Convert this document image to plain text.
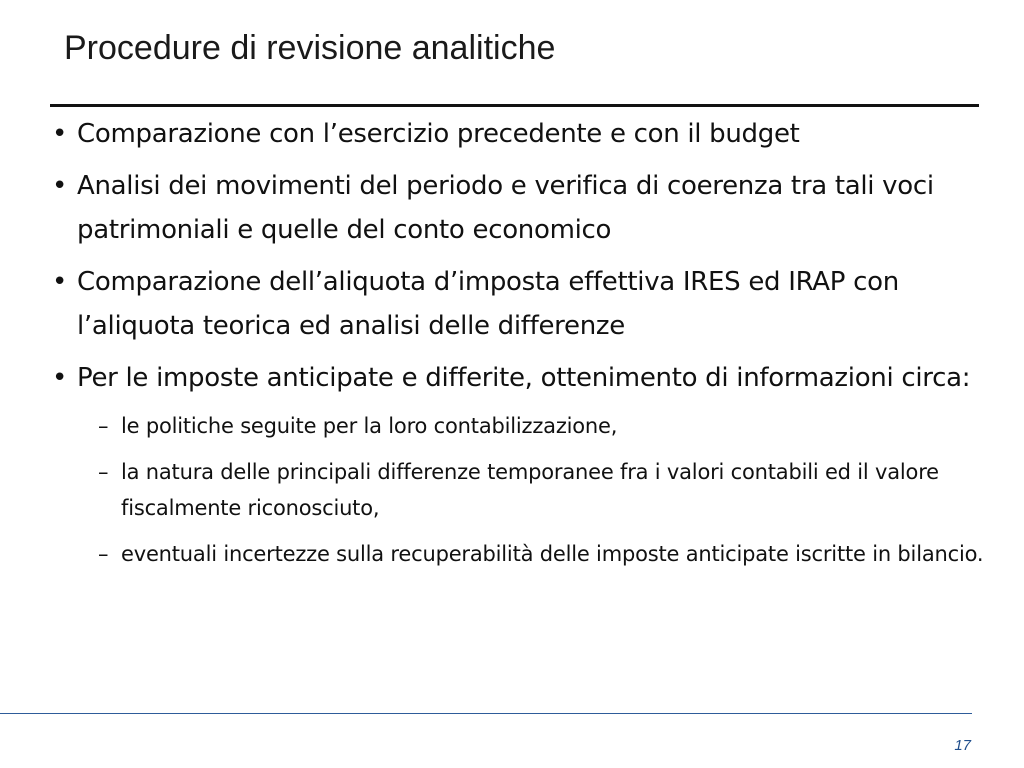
Procedure di revisione analitiche
• Comparazione con l’esercizio precedente e con il budget
• Analisi dei movimenti del periodo e verifica di coerenza tra tali voci patrimoniali e quelle del conto economico
• Comparazione dell’aliquota d’imposta effettiva IRES ed IRAP con l’aliquota teorica ed analisi delle differenze
• Per le imposte anticipate e differite, ottenimento di informazioni circa:
– le politiche seguite per la loro contabilizzazione,
– la natura delle principali differenze temporanee fra i valori contabili ed il valore fiscalmente riconosciuto,
– eventuali incertezze sulla recuperabilità delle imposte anticipate iscritte in bilancio.
17
